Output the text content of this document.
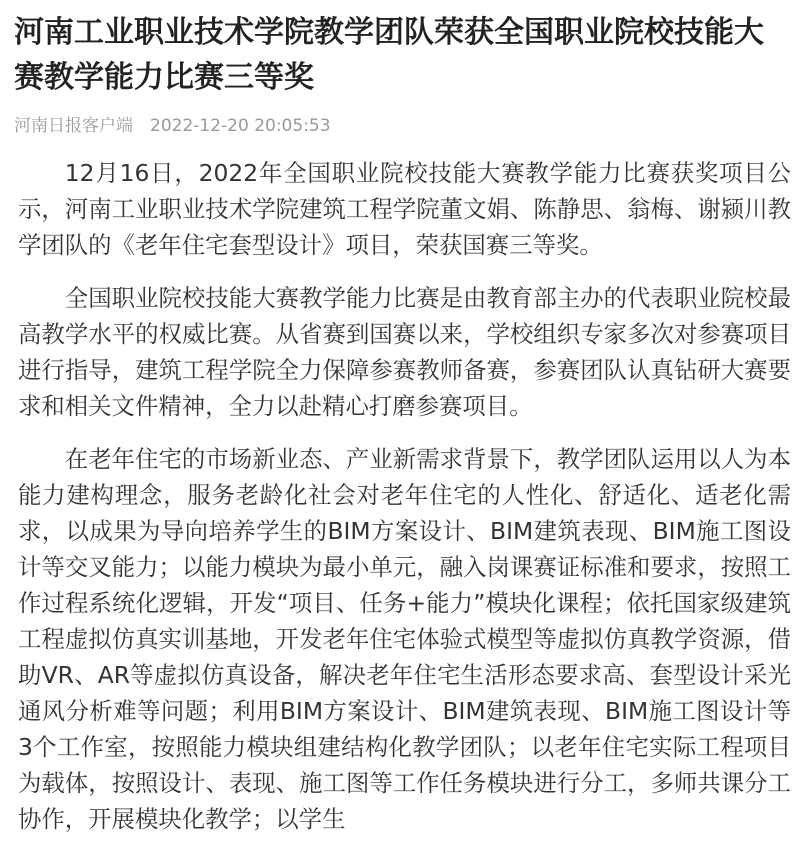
河南工业职业技术学院教学团队荣获全国职业院校技能大赛教学能力比赛三等奖
河南日报客户端 2022-12-20 20:05:53

12月16日，2022年全国职业院校技能大赛教学能力比赛获奖项目公示，河南工业职业技术学院建筑工程学院董文娟、陈静思、翁梅、谢颍川教学团队的《老年住宅套型设计》项目，荣获国赛三等奖。

全国职业院校技能大赛教学能力比赛是由教育部主办的代表职业院校最高教学水平的权威比赛。从省赛到国赛以来，学校组织专家多次对参赛项目进行指导，建筑工程学院全力保障参赛教师备赛，参赛团队认真钻研大赛要求和相关文件精神，全力以赴精心打磨参赛项目。

在老年住宅的市场新业态、产业新需求背景下，教学团队运用以人为本能力建构理念，服务老龄化社会对老年住宅的人性化、舒适化、适老化需求，以成果为导向培养学生的BIM方案设计、BIM建筑表现、BIM施工图设计等交叉能力；以能力模块为最小单元，融入岗课赛证标准和要求，按照工作过程系统化逻辑，开发“项目、任务+能力”模块化课程；依托国家级建筑工程虚拟仿真实训基地，开发老年住宅体验式模型等虚拟仿真教学资源，借助VR、AR等虚拟仿真设备，解决老年住宅生活形态要求高、套型设计采光通风分析难等问题；利用BIM方案设计、BIM建筑表现、BIM施工图设计等3个工作室，按照能力模块组建结构化教学团队；以老年住宅实际工程项目为载体，按照设计、表现、施工图等工作任务模块进行分工，多师共课分工协作，开展模块化教学；以学生
